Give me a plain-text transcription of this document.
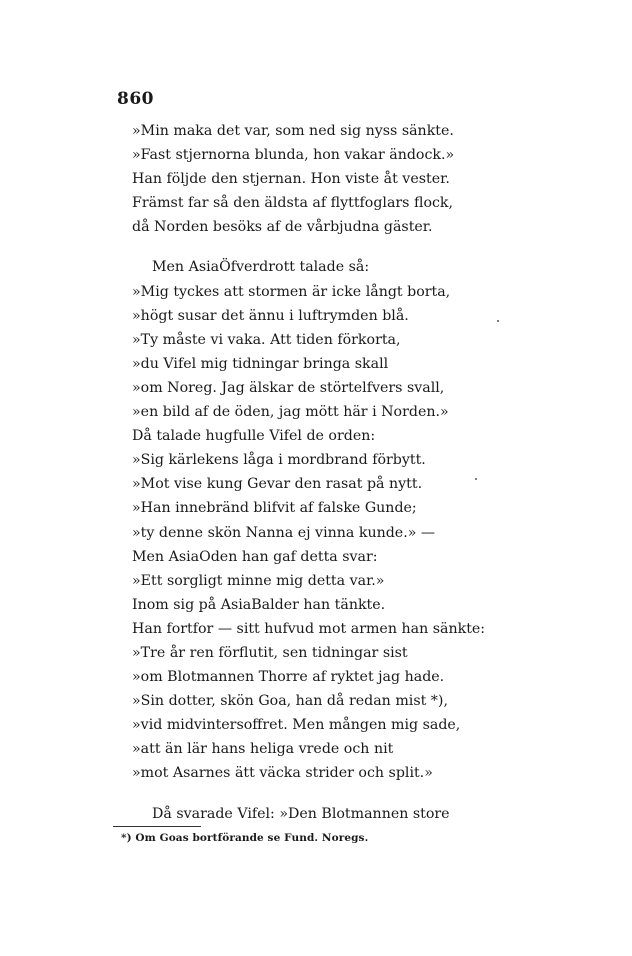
860
»Min maka det var, som ned sig nyss sänkte.
»Fast stjernorna blunda, hon vakar ändock.»
Han följde den stjernan. Hon viste åt vester.
Främst far så den äldsta af flyttfoglars flock,
då Norden besöks af de vårbjudna gäster.
Men AsiaÖfverdrott talade så:
»Mig tyckes att stormen är icke långt borta,
»högt susar det ännu i luftrymden blå.
»Ty måste vi vaka. Att tiden förkorta,
»du Vifel mig tidningar bringa skall
»om Noreg. Jag älskar de störtelfvers svall,
»en bild af de öden, jag mött här i Norden.»
Då talade hugfulle Vifel de orden:
»Sig kärlekens låga i mordbrand förbytt.
»Mot vise kung Gevar den rasat på nytt.
»Han innebränd blifvit af falske Gunde;
»ty denne skön Nanna ej vinna kunde.» —
Men AsiaOden han gaf detta svar:
»Ett sorgligt minne mig detta var.»
Inom sig på AsiaBalder han tänkte.
Han fortfor — sitt hufvud mot armen han sänkte:
»Tre år ren förflutit, sen tidningar sist
»om Blotmannen Thorre af ryktet jag hade.
»Sin dotter, skön Goa, han då redan mist *),
»vid midvintersoffret. Men mången mig sade,
»att än lär hans heliga vrede och nit
»mot Asarnes ätt väcka strider och split.»
Då svarade Vifel: »Den Blotmannen store
*) Om Goas bortförande se Fund. Noregs.
